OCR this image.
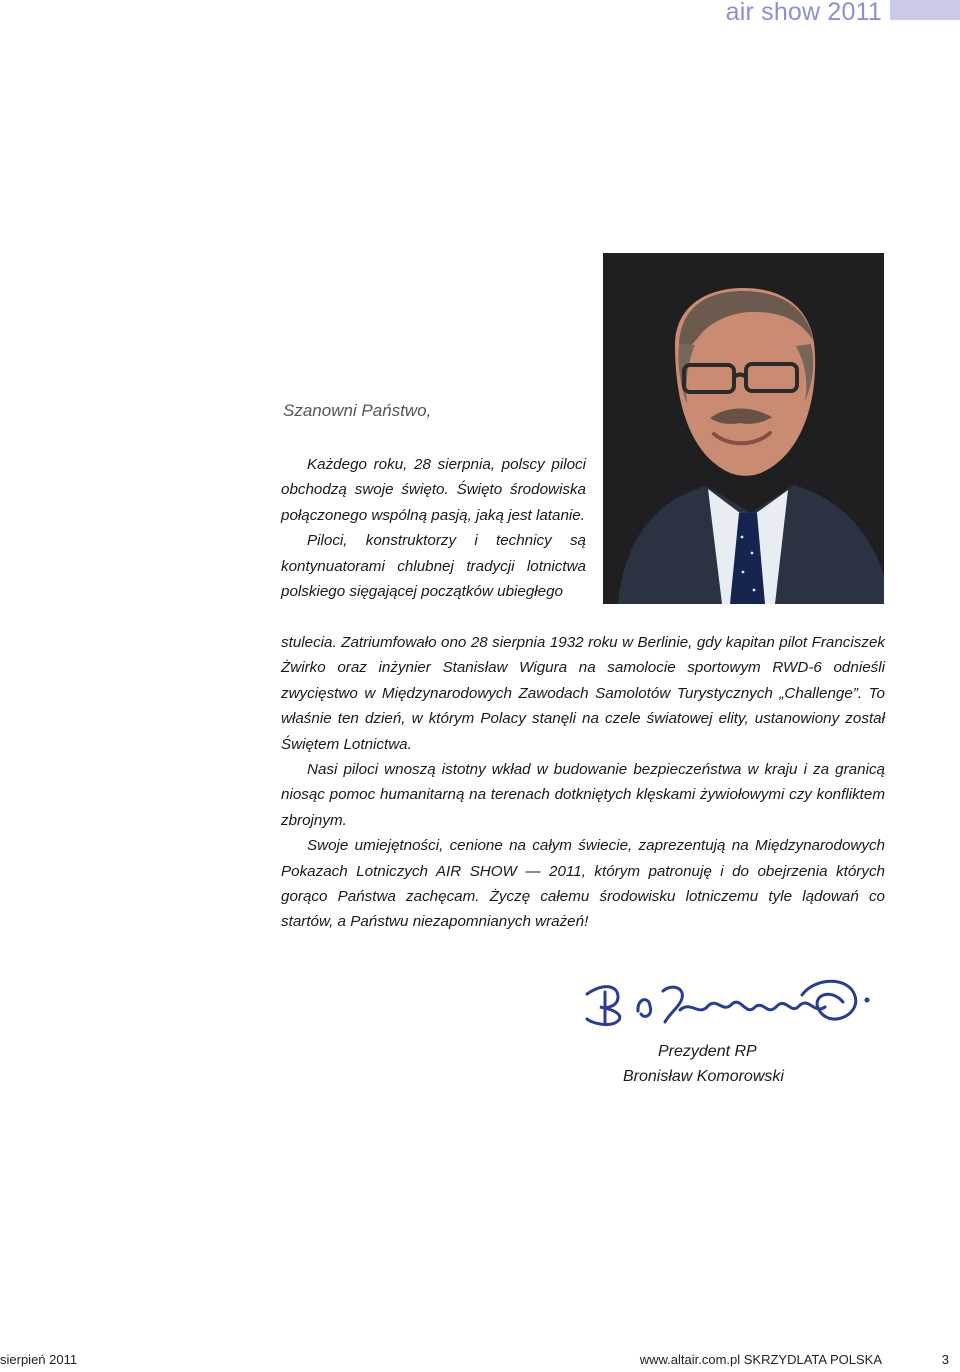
air show 2011
Szanowni Państwo,

Każdego roku, 28 sierpnia, polscy piloci obchodzą swoje święto. Święto środowiska połączonego wspólną pasją, jaką jest latanie.

Piloci, konstruktorzy i technicy są kontynuatorami chlubnej tradycji lotnictwa polskiego sięgającej początków ubiegłego

stulecia. Zatriumfowało ono 28 sierpnia 1932 roku w Berlinie, gdy kapitan pilot Franciszek Żwirko oraz inżynier Stanisław Wigura na samolocie sportowym RWD-6 odnieśli zwycięstwo w Międzynarodowych Zawodach Samolotów Turystycznych „Challenge”. To właśnie ten dzień, w którym Polacy stanęli na czele światowej elity, ustanowiony został Świętem Lotnictwa.

Nasi piloci wnoszą istotny wkład w budowanie bezpieczeństwa w kraju i za granicą niosąc pomoc humanitarną na terenach dotkniętych klęskami żywiołowymi czy konfliktem zbrojnym.

Swoje umiejętności, cenione na całym świecie, zaprezentują na Międzynarodowych Pokazach Lotniczych AIR SHOW — 2011, którym patronuję i do obejrzenia których gorąco Państwa zachęcam. Życzę całemu środowisku lotniczemu tyle lądowań co startów, a Państwu niezapomnianych wrażeń!

Prezydent RP
Bronisław Komorowski
sierpień 2011	www.altair.com.pl SKRZYDLATA POLSKA	3
